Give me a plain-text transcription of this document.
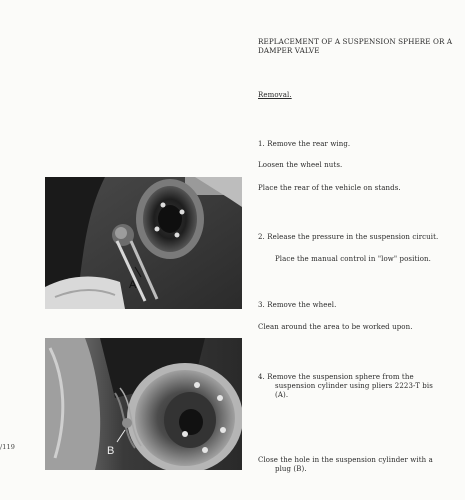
REPLACEMENT OF A SUSPENSION SPHERE OR A DAMPER VALVE
Removal.
1. Remove the rear wing.
Loosen the wheel nuts.
Place the rear of the vehicle on stands.
2. Release the pressure in the suspension circuit.
Place the manual control in "low" position.
3. Remove the wheel.
Clean around the area to be worked upon.
4. Remove the suspension sphere from the
suspension cylinder using pliers 2223-T bis
(A).
Close the hole in the suspension cylinder with a
plug (B).
/119
A
B
